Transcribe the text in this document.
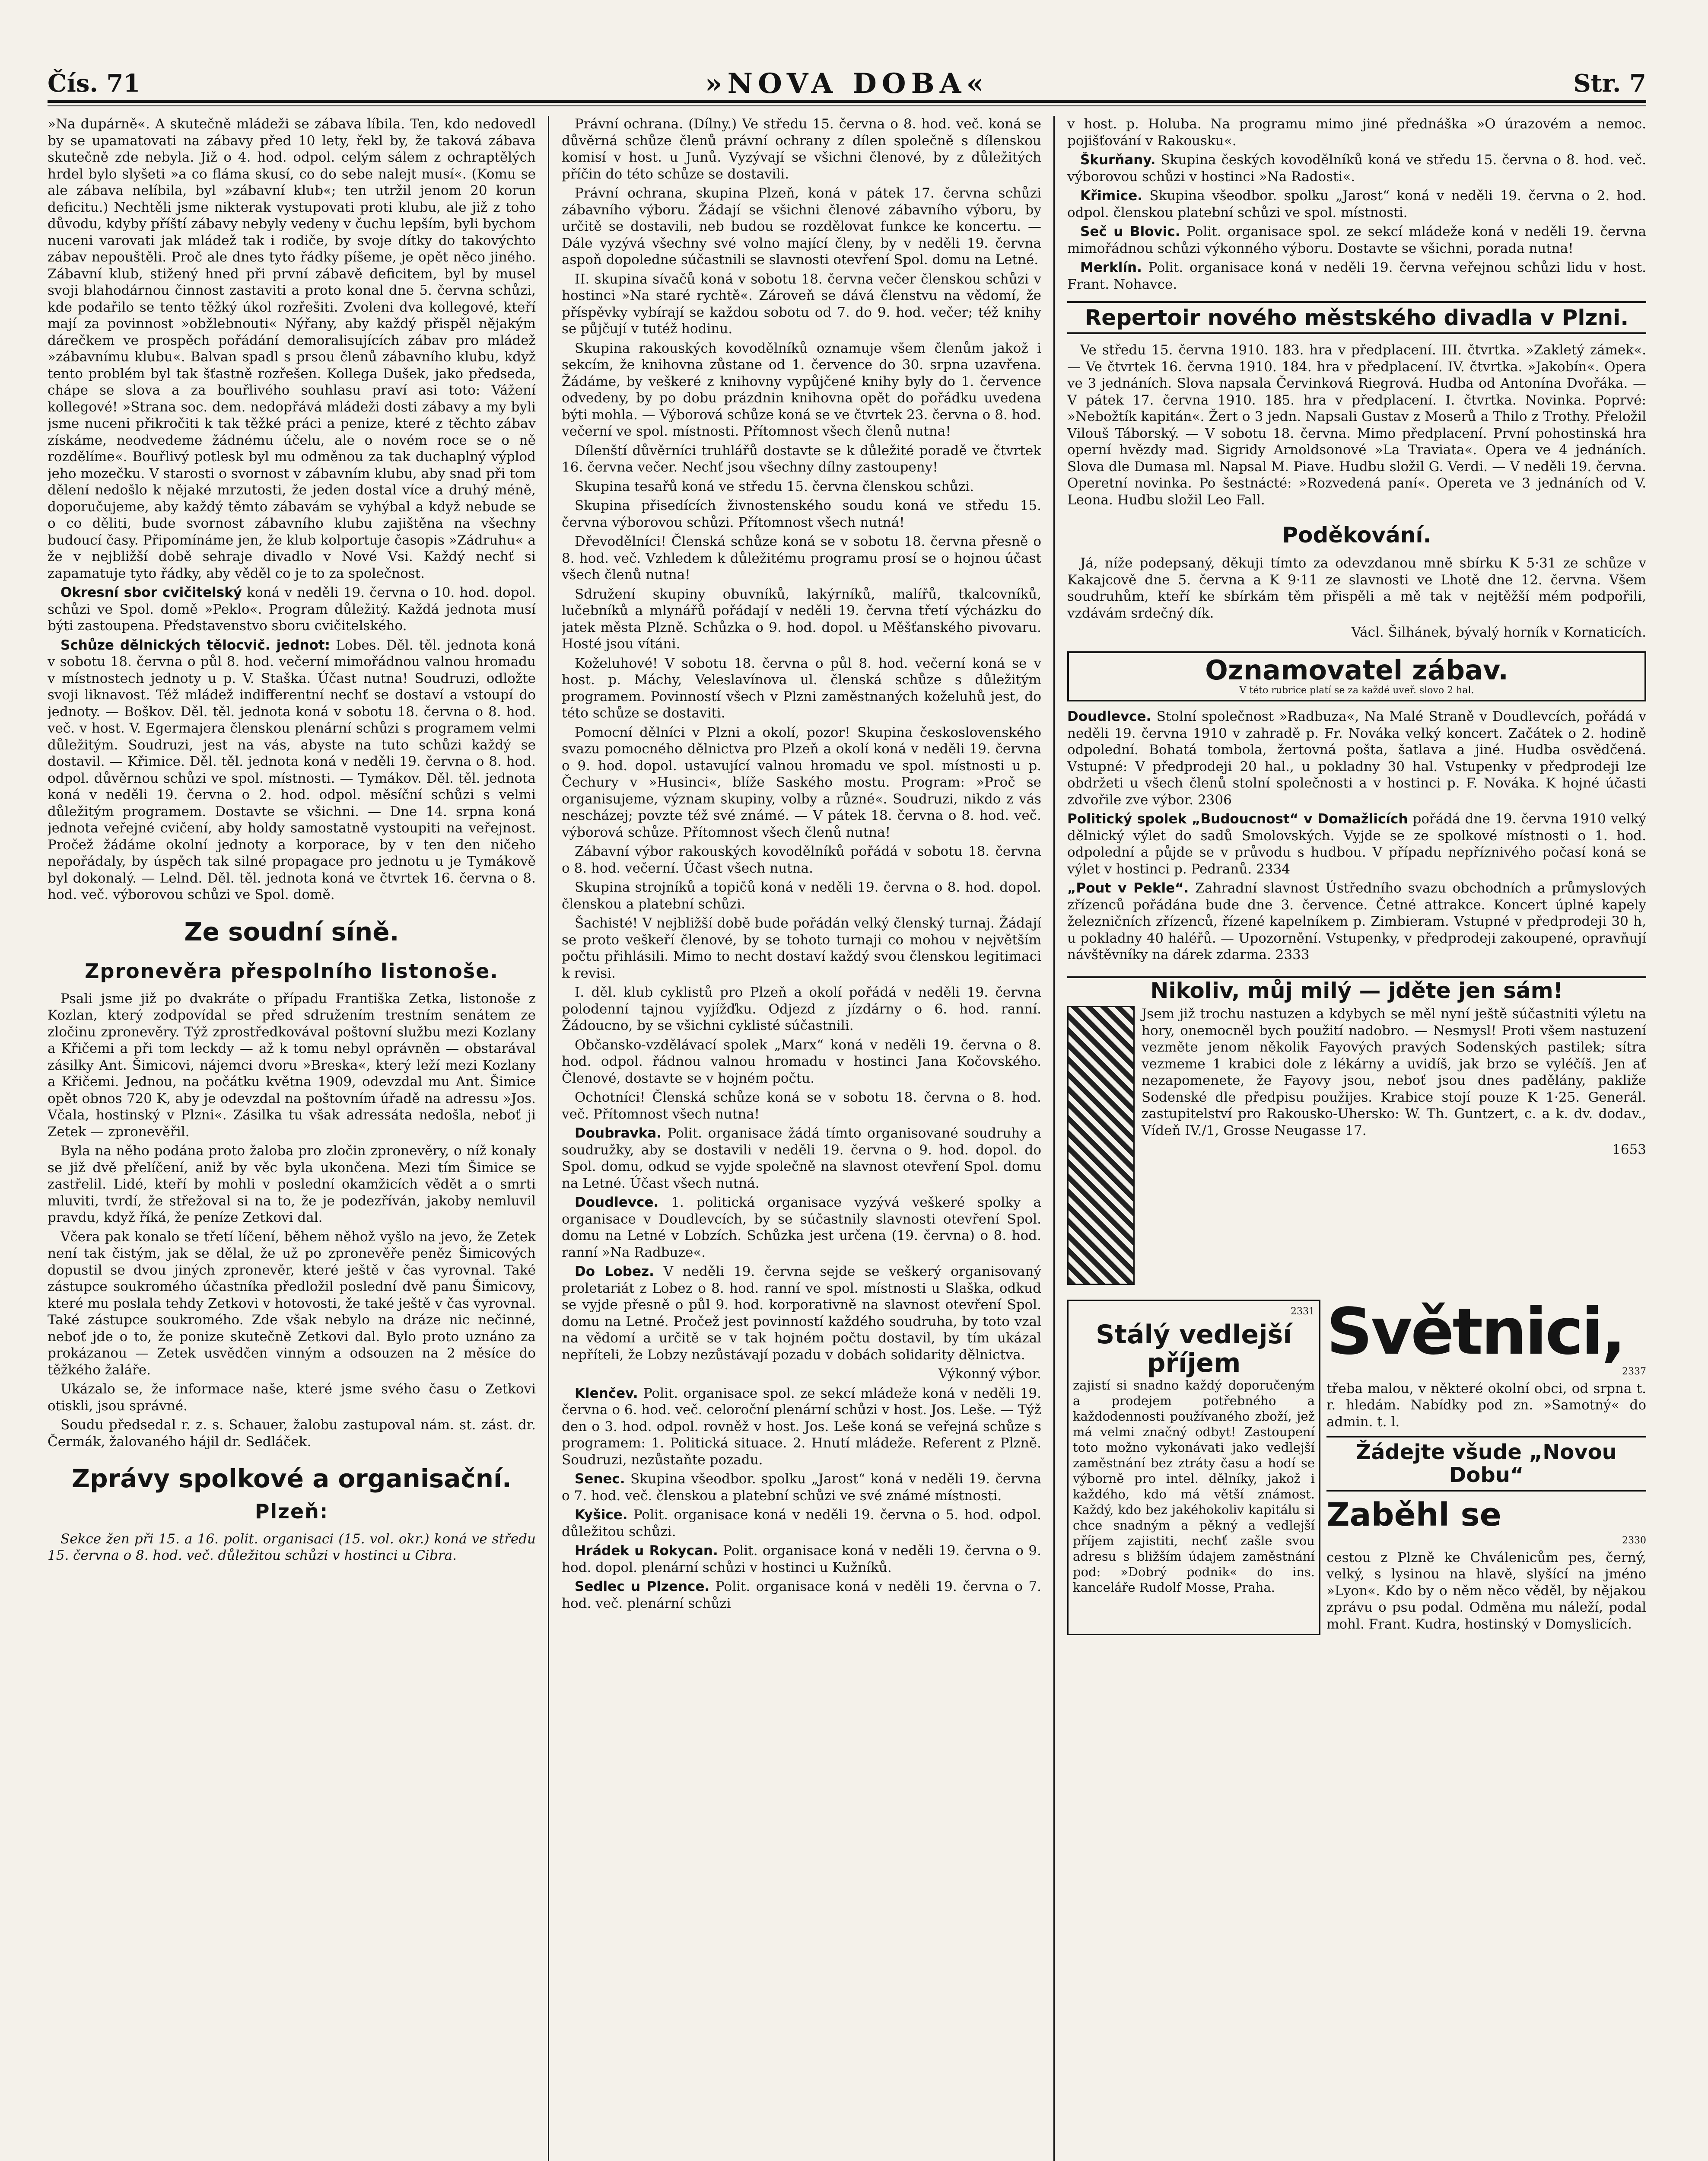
Čís. 71	»NOVA DOBA«	Str. 7

»Na dupárně«. A skutečně mládeži se zábava líbila. Ten, kdo nedovedl by se upamatovati na zábavy před 10 lety, řekl by, že taková zábava skutečně zde nebyla. Již o 4. hod. odpol. celým sálem z ochraptělých hrdel bylo slyšeti »a co fláma skusí, co do sebe nalejt musí«. (Komu se ale zábava nelíbila, byl »zábavní klub«; ten utržil jenom 20 korun deficitu.) Nechtěli jsme nikterak vystupovati proti klubu, ale již z toho důvodu, kdyby příští zábavy nebyly vedeny v čuchu lepším, byli bychom nuceni varovati jak mládež tak i rodiče, by svoje dítky do takovýchto zábav nepouštěli. Proč ale dnes tyto řádky píšeme, je opět něco jiného. Zábavní klub, stižený hned při první zábavě deficitem, byl by musel svoji blahodárnou činnost zastaviti a proto konal dne 5. června schůzi, kde podařilo se tento těžký úkol rozřešiti. Zvoleni dva kollegové, kteří mají za povinnost »obžlebnouti« Nýřany, aby každý přispěl nějakým dárečkem ve prospěch pořádání demoralisujících zábav pro mládež »zábavnímu klubu«. Balvan spadl s prsou členů zábavního klubu, když tento problém byl tak šťastně rozřešen. Kollega Dušek, jako předseda, chápe se slova a za bouřlivého souhlasu praví asi toto: Vážení kollegové! »Strana soc. dem. nedopřává mládeži dosti zábavy a my byli jsme nuceni přikročiti k tak těžké práci a penize, které z těchto zábav získáme, neodvedeme žádnému účelu, ale o novém roce se o ně rozdělíme«. Bouřlivý potlesk byl mu odměnou za tak duchaplný výplod jeho mozečku. V starosti o svornost v zábavním klubu, aby snad při tom dělení nedošlo k nějaké mrzutosti, že jeden dostal více a druhý méně, doporučujeme, aby každý těmto zábavám se vyhýbal a když nebude se o co děliti, bude svornost zábavního klubu zajištěna na všechny budoucí časy. Připomínáme jen, že klub kolportuje časopis »Zádruhu« a že v nejbližší době sehraje divadlo v Nové Vsi. Každý nechť si zapamatuje tyto řádky, aby věděl co je to za společnost.

Okresní sbor cvičitelský koná v neděli 19. června o 10. hod. dopol. schůzi ve Spol. domě »Peklo«. Program důležitý. Každá jednota musí býti zastoupena. Představenstvo sboru cvičitelského.

Schůze dělnických tělocvič. jednot: Lobes. Děl. těl. jednota koná v sobotu 18. června o půl 8. hod. večerní mimořádnou valnou hromadu v místnostech jednoty u p. V. Staška. Účast nutna! Soudruzi, odložte svoji liknavost. Též mládež indifferentní nechť se dostaví a vstoupí do jednoty. — Boškov. Děl. těl. jednota koná v sobotu 18. června o 8. hod. več. v host. V. Egermajera členskou plenární schůzi s programem velmi důležitým. Soudruzi, jest na vás, abyste na tuto schůzi každý se dostavil. — Křimice. Děl. těl. jednota koná v neděli 19. června o 8. hod. odpol. důvěrnou schůzi ve spol. místnosti. — Tymákov. Děl. těl. jednota koná v neděli 19. června o 2. hod. odpol. měsíční schůzi s velmi důležitým programem. Dostavte se všichni. — Dne 14. srpna koná jednota veřejné cvičení, aby holdy samostatně vystoupiti na veřejnost. Pročež žádáme okolní jednoty a korporace, by v ten den ničeho nepořádaly, by úspěch tak silné propagace pro jednotu u je Tymákově byl dokonalý. — Lelnd. Děl. těl. jednota koná ve čtvrtek 16. června o 8. hod. več. výborovou schůzi ve Spol. domě.

Ze soudní síně.
Zpronevěra přespolního listonoše.

Psali jsme již po dvakráte o případu Františka Zetka, listonoše z Kozlan, který zodpovídal se před sdružením trestním senátem ze zločinu zpronevěry. Týž zprostředkovával poštovní službu mezi Kozlany a Křičemi a při tom leckdy — až k tomu nebyl oprávněn — obstarával zásilky Ant. Šimicovi, nájemci dvoru »Breska«, který leží mezi Kozlany a Křičemi. Jednou, na počátku května 1909, odevzdal mu Ant. Šimice opět obnos 720 K, aby je odevzdal na poštovním úřadě na adressu »Jos. Včala, hostinský v Plzni«. Zásilka tu však adressáta nedošla, neboť ji Zetek — zpronevěřil.

Byla na něho podána proto žaloba pro zločin zpronevěry, o níž konaly se již dvě přelíčení, aniž by věc byla ukončena. Mezi tím Šimice se zastřelil. Lidé, kteří by mohli v poslední okamžicích vědět a o smrti mluviti, tvrdí, že střežoval si na to, že je podezříván, jakoby nemluvil pravdu, když říká, že peníze Zetkovi dal.

Včera pak konalo se třetí líčení, během něhož vyšlo na jevo, že Zetek není tak čistým, jak se dělal, že už po zpronevěře peněz Šimicových dopustil se dvou jiných zpronevěr, které ještě v čas vyrovnal. Také zástupce soukromého účastníka předložil poslední dvě panu Šimicovy, které mu poslala tehdy Zetkovi v hotovosti, že také ještě v čas vyrovnal. Také zástupce soukromého. Zde však nebylo na dráze nic nečinné, neboť jde o to, že ponize skutečně Zetkovi dal. Bylo proto uznáno za prokázanou — Zetek usvědčen vinným a odsouzen na 2 měsíce do těžkého žaláře.

Ukázalo se, že informace naše, které jsme svého času o Zetkovi otiskli, jsou správné.

Soudu předsedal r. z. s. Schauer, žalobu zastupoval nám. st. zást. dr. Čermák, žalovaného hájil dr. Sedláček.

Zprávy spolkové a organisační.
Plzeň:

Sekce žen při 15. a 16. polit. organisaci (15. vol. okr.) koná ve středu 15. června o 8. hod. več. důležitou schůzi v hostinci u Cibra.

Právní ochrana. (Dílny.) Ve středu 15. června o 8. hod. več. koná se důvěrná schůze členů právní ochrany z dílen společně s dílenskou komisí v host. u Junů. Vyzývají se všichni členové, by z důležitých příčin do této schůze se dostavili.

Právní ochrana, skupina Plzeň, koná v pátek 17. června schůzi zábavního výboru. Žádají se všichni členové zábavního výboru, by určitě se dostavili, neb budou se rozdělovat funkce ke koncertu. — Dále vyzývá všechny své volno mající členy, by v neděli 19. června aspoň dopoledne súčastnili se slavnosti otevření Spol. domu na Letné.

II. skupina sívačů koná v sobotu 18. června večer členskou schůzi v hostinci »Na staré rychtě«. Zároveň se dává členstvu na vědomí, že příspěvky vybírají se každou sobotu od 7. do 9. hod. večer; též knihy se půjčují v tutéž hodinu.

Skupina rakouských kovodělníků oznamuje všem členům jakož i sekcím, že knihovna zůstane od 1. července do 30. srpna uzavřena. Žádáme, by veškeré z knihovny vypůjčené knihy byly do 1. července odvedeny, by po dobu prázdnin knihovna opět do pořádku uvedena býti mohla. — Výborová schůze koná se ve čtvrtek 23. června o 8. hod. večerní ve spol. místnosti. Přítomnost všech členů nutna!

Dílenští důvěrníci truhlářů dostavte se k důležité poradě ve čtvrtek 16. června večer. Nechť jsou všechny dílny zastoupeny!

Skupina tesařů koná ve středu 15. června členskou schůzi.

Skupina přisedících živnostenského soudu koná ve středu 15. června výborovou schůzi. Přítomnost všech nutná!

Dřevodělníci! Členská schůze koná se v sobotu 18. června přesně o 8. hod. več. Vzhledem k důležitému programu prosí se o hojnou účast všech členů nutna!

Sdružení skupiny obuvníků, lakýrníků, malířů, tkalcovníků, lučebníků a mlynářů pořádají v neděli 19. června třetí výcházku do jatek města Plzně. Schůzka o 9. hod. dopol. u Měšťanského pivovaru. Hosté jsou vítáni.

Koželuhové! V sobotu 18. června o půl 8. hod. večerní koná se v host. p. Máchy, Veleslavínova ul. členská schůze s důležitým programem. Povinností všech v Plzni zaměstnaných koželuhů jest, do této schůze se dostaviti.

Pomocní dělníci v Plzni a okolí, pozor! Skupina československého svazu pomocného dělnictva pro Plzeň a okolí koná v neděli 19. června o 9. hod. dopol. ustavující valnou hromadu ve spol. místnosti u p. Čechury v »Husinci«, blíže Saského mostu. Program: »Proč se organisujeme, význam skupiny, volby a různé«. Soudruzi, nikdo z vás nescházej; povzte též své známé. — V pátek 18. června o 8. hod. več. výborová schůze. Přítomnost všech členů nutna!

Zábavní výbor rakouských kovodělníků pořádá v sobotu 18. června o 8. hod. večerní. Účast všech nutna.

Skupina strojníků a topičů koná v neděli 19. června o 8. hod. dopol. členskou a platební schůzi.

Šachisté! V nejbližší době bude pořádán velký členský turnaj. Žádají se proto veškeří členové, by se tohoto turnaji co mohou v největším počtu přihlásili. Mimo to necht dostaví každý svou členskou legitimaci k revisi.

I. děl. klub cyklistů pro Plzeň a okolí pořádá v neděli 19. června polodenní tajnou vyjížďku. Odjezd z jízdárny o 6. hod. ranní. Žádoucno, by se všichni cyklisté súčastnili.

Občansko-vzdělávací spolek „Marx“ koná v neděli 19. června o 8. hod. odpol. řádnou valnou hromadu v hostinci Jana Kočovského. Členové, dostavte se v hojném počtu.

Ochotníci! Členská schůze koná se v sobotu 18. června o 8. hod. več. Přítomnost všech nutna!

Doubravka. Polit. organisace žádá tímto organisované soudruhy a soudružky, aby se dostavili v neděli 19. června o 9. hod. dopol. do Spol. domu, odkud se vyjde společně na slavnost otevření Spol. domu na Letné. Účast všech nutná.

Doudlevce. 1. politická organisace vyzývá veškeré spolky a organisace v Doudlevcích, by se súčastnily slavnosti otevření Spol. domu na Letné v Lobzích. Schůzka jest určena (19. června) o 8. hod. ranní »Na Radbuze«.

Do Lobez. V neděli 19. června sejde se veškerý organisovaný proletariát z Lobez o 8. hod. ranní ve spol. místnosti u Slaška, odkud se vyjde přesně o půl 9. hod. korporativně na slavnost otevření Spol. domu na Letné. Pročež jest povinností každého soudruha, by toto vzal na vědomí a určitě se v tak hojném počtu dostavil, by tím ukázal nepříteli, že Lobzy nezůstávají pozadu v dobách solidarity dělnictva.

Výkonný výbor.

Klenčev. Polit. organisace spol. ze sekcí mládeže koná v neděli 19. června o 6. hod. več. celoroční plenární schůzi v host. Jos. Leše. — Týž den o 3. hod. odpol. rovněž v host. Jos. Leše koná se veřejná schůze s programem: 1. Politická situace. 2. Hnutí mládeže. Referent z Plzně. Soudruzi, nezůstaňte pozadu.

Senec. Skupina všeodbor. spolku „Jarost“ koná v neděli 19. června o 7. hod. več. členskou a platební schůzi ve své známé místnosti.

Kyšice. Polit. organisace koná v neděli 19. června o 5. hod. odpol. důležitou schůzi.

Hrádek u Rokycan. Polit. organisace koná v neděli 19. června o 9. hod. dopol. plenární schůzi v hostinci u Kužníků.

Sedlec u Plzence. Polit. organisace koná v neděli 19. června o 7. hod. več. plenární schůzi

v host. p. Holuba. Na programu mimo jiné přednáška »O úrazovém a nemoc. pojišťování v Rakousku«.

Škurňany. Skupina českých kovodělníků koná ve středu 15. června o 8. hod. več. výborovou schůzi v hostinci »Na Radosti«.

Křimice. Skupina všeodbor. spolku „Jarost“ koná v neděli 19. června o 2. hod. odpol. členskou platební schůzi ve spol. místnosti.

Seč u Blovic. Polit. organisace spol. ze sekcí mládeže koná v neděli 19. června mimořádnou schůzi výkonného výboru. Dostavte se všichni, porada nutna!

Merklín. Polit. organisace koná v neděli 19. června veřejnou schůzi lidu v host. Frant. Nohavce.

Repertoir nového městského divadla v Plzni.

Ve středu 15. června 1910. 183. hra v předplacení. III. čtvrtka. »Zakletý zámek«. — Ve čtvrtek 16. června 1910. 184. hra v předplacení. IV. čtvrtka. »Jakobín«. Opera ve 3 jednáních. Slova napsala Červinková Riegrová. Hudba od Antonína Dvořáka. — V pátek 17. června 1910. 185. hra v předplacení. I. čtvrtka. Novinka. Poprvé: »Nebožtík kapitán«. Žert o 3 jedn. Napsali Gustav z Moserů a Thilo z Trothy. Přeložil Vilouš Táborský. — V sobotu 18. června. Mimo předplacení. První pohostinská hra operní hvězdy mad. Sigridy Arnoldsonové »La Traviata«. Opera ve 4 jednáních. Slova dle Dumasa ml. Napsal M. Piave. Hudbu složil G. Verdi. — V neděli 19. června. Operetní novinka. Po šestnácté: »Rozvedená paní«. Opereta ve 3 jednáních od V. Leona. Hudbu složil Leo Fall.

Poděkování.

Já, níže podepsaný, děkuji tímto za odevzdanou mně sbírku K 5·31 ze schůze v Kakajcově dne 5. června a K 9·11 ze slavnosti ve Lhotě dne 12. června. Všem soudruhům, kteří ke sbírkám těm přispěli a mě tak v nejtěžší mém podpořili, vzdávám srdečný dík.

Václ. Šilhánek, bývalý horník v Kornaticích.

Oznamovatel zábav.
V této rubrice platí se za každé uveř. slovo 2 hal.

Doudlevce. Stolní společnost »Radbuza«, Na Malé Straně v Doudlevcích, pořádá v neděli 19. června 1910 v zahradě p. Fr. Nováka velký koncert. Začátek o 2. hodině odpolední. Bohatá tombola, žertovná pošta, šatlava a jiné. Hudba osvědčená. Vstupné: V předprodeji 20 hal., u pokladny 30 hal. Vstupenky v předprodeji lze obdržeti u všech členů stolní společnosti a v hostinci p. F. Nováka. K hojné účasti zdvořile zve výbor. 2306

Politický spolek „Budoucnost“ v Domažlicích pořádá dne 19. června 1910 velký dělnický výlet do sadů Smolovských. Vyjde se ze spolkové místnosti o 1. hod. odpolední a půjde se v průvodu s hudbou. V případu nepříznivého počasí koná se výlet v hostinci p. Pedranů. 2334

„Pout v Pekle“. Zahradní slavnost Ústředního svazu obchodních a průmyslových zřízenců pořádána bude dne 3. července. Četné attrakce. Koncert úplné kapely železničních zřízenců, řízené kapelníkem p. Zimbieram. Vstupné v předprodeji 30 h, u pokladny 40 haléřů. — Upozornění. Vstupenky, v předprodeji zakoupené, opravňují návštěvníky na dárek zdarma. 2333

Nikoliv, můj milý — jděte jen sám!

Jsem již trochu nastuzen a kdybych se měl nyní ještě súčastniti výletu na hory, onemocněl bych použití nadobro. — Nesmysl! Proti všem nastuzení vezměte jenom několik Fayových pravých Sodenských pastilek; sítra vezmeme 1 krabici dole z lékárny a uvidíš, jak brzo se vyléčíš. Jen ať nezapomenete, že Fayovy jsou, neboť jsou dnes padělány, pakliže Sodenské dle předpisu použijes. Krabice stojí pouze K 1·25. Generál. zastupitelství pro Rakousko-Uhersko: W. Th. Guntzert, c. a k. dv. dodav., Vídeň IV./1, Grosse Neugasse 17.

1653

2331
Stálý vedlejší příjem

zajistí si snadno každý doporučeným a prodejem potřebného a každodennosti používaného zboží, jež má velmi značný odbyt! Zastoupení toto možno vykonávati jako vedlejší zaměstnání bez ztráty času a hodí se výborně pro intel. dělníky, jakož i každého, kdo má větší známost. Každý, kdo bez jakéhokoliv kapitálu si chce snadným a pěkný a vedlejší příjem zajistiti, nechť zašle svou adresu s bližším údajem zaměstnání pod: »Dobrý podnik« do ins. kanceláře Rudolf Mosse, Praha.

Světnici,
2337

třeba malou, v některé okolní obci, od srpna t. r. hledám. Nabídky pod zn. »Samotný« do admin. t. l.

Žádejte všude „Novou Dobu“
Zaběhl se
2330

cestou z Plzně ke Chválenicům pes, černý, velký, s lysinou na hlavě, slyšící na jméno »Lyon«. Kdo by o něm něco věděl, by nějakou zprávu o psu podal. Odměna mu náleží, podal mohl. Frant. Kudra, hostinský v Domyslicích.
